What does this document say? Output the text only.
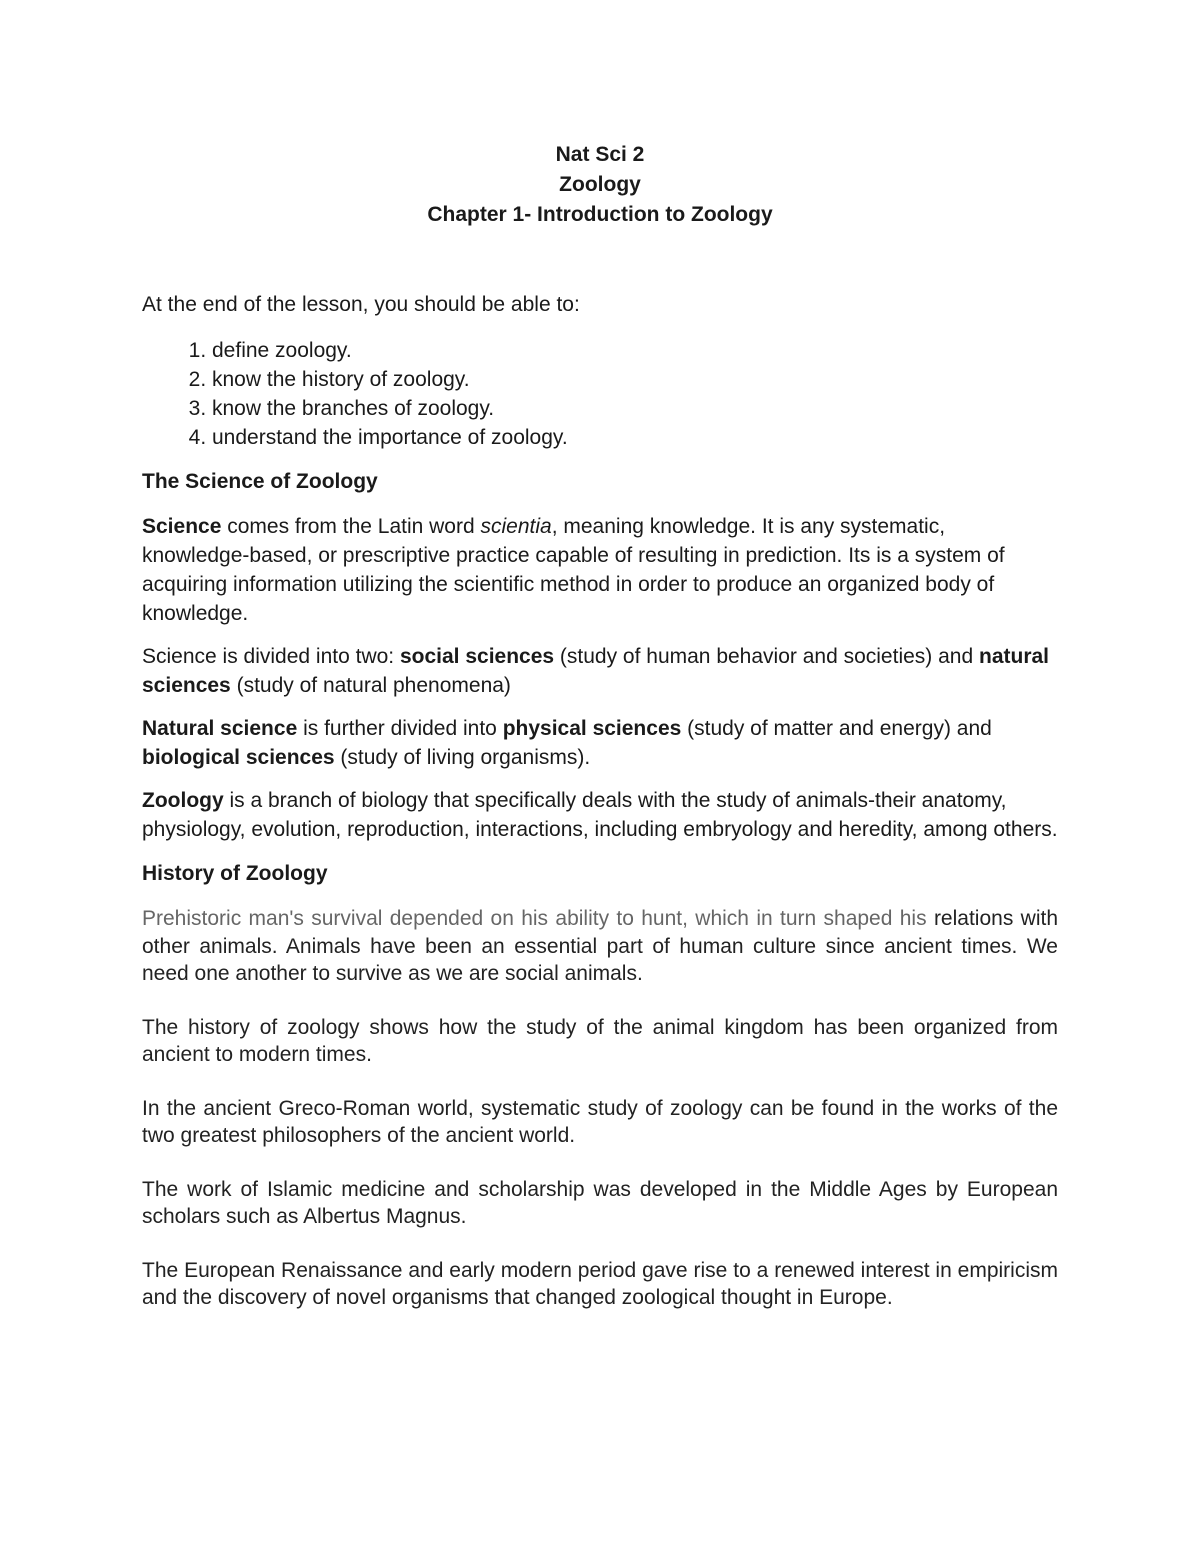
Nat Sci 2
Zoology
Chapter 1- Introduction to Zoology
At the end of the lesson, you should be able to:
1. define zoology.
2. know the history of zoology.
3. know the branches of zoology.
4. understand the importance of zoology.
The Science of Zoology

Science comes from the Latin word scientia, meaning knowledge. It is any systematic, knowledge-based, or prescriptive practice capable of resulting in prediction. Its is a system of acquiring information utilizing the scientific method in order to produce an organized body of knowledge.

Science is divided into two: social sciences (study of human behavior and societies) and natural sciences (study of natural phenomena)

Natural science is further divided into physical sciences (study of matter and energy) and biological sciences (study of living organisms).

Zoology is a branch of biology that specifically deals with the study of animals-their anatomy, physiology, evolution, reproduction, interactions, including embryology and heredity, among others.

History of Zoology

Prehistoric man's survival depended on his ability to hunt, which in turn shaped his relations with other animals. Animals have been an essential part of human culture since ancient times. We need one another to survive as we are social animals.

The history of zoology shows how the study of the animal kingdom has been organized from ancient to modern times.

In the ancient Greco-Roman world, systematic study of zoology can be found in the works of the two greatest philosophers of the ancient world.

The work of Islamic medicine and scholarship was developed in the Middle Ages by European scholars such as Albertus Magnus.

The European Renaissance and early modern period gave rise to a renewed interest in empiricism and the discovery of novel organisms that changed zoological thought in Europe.
